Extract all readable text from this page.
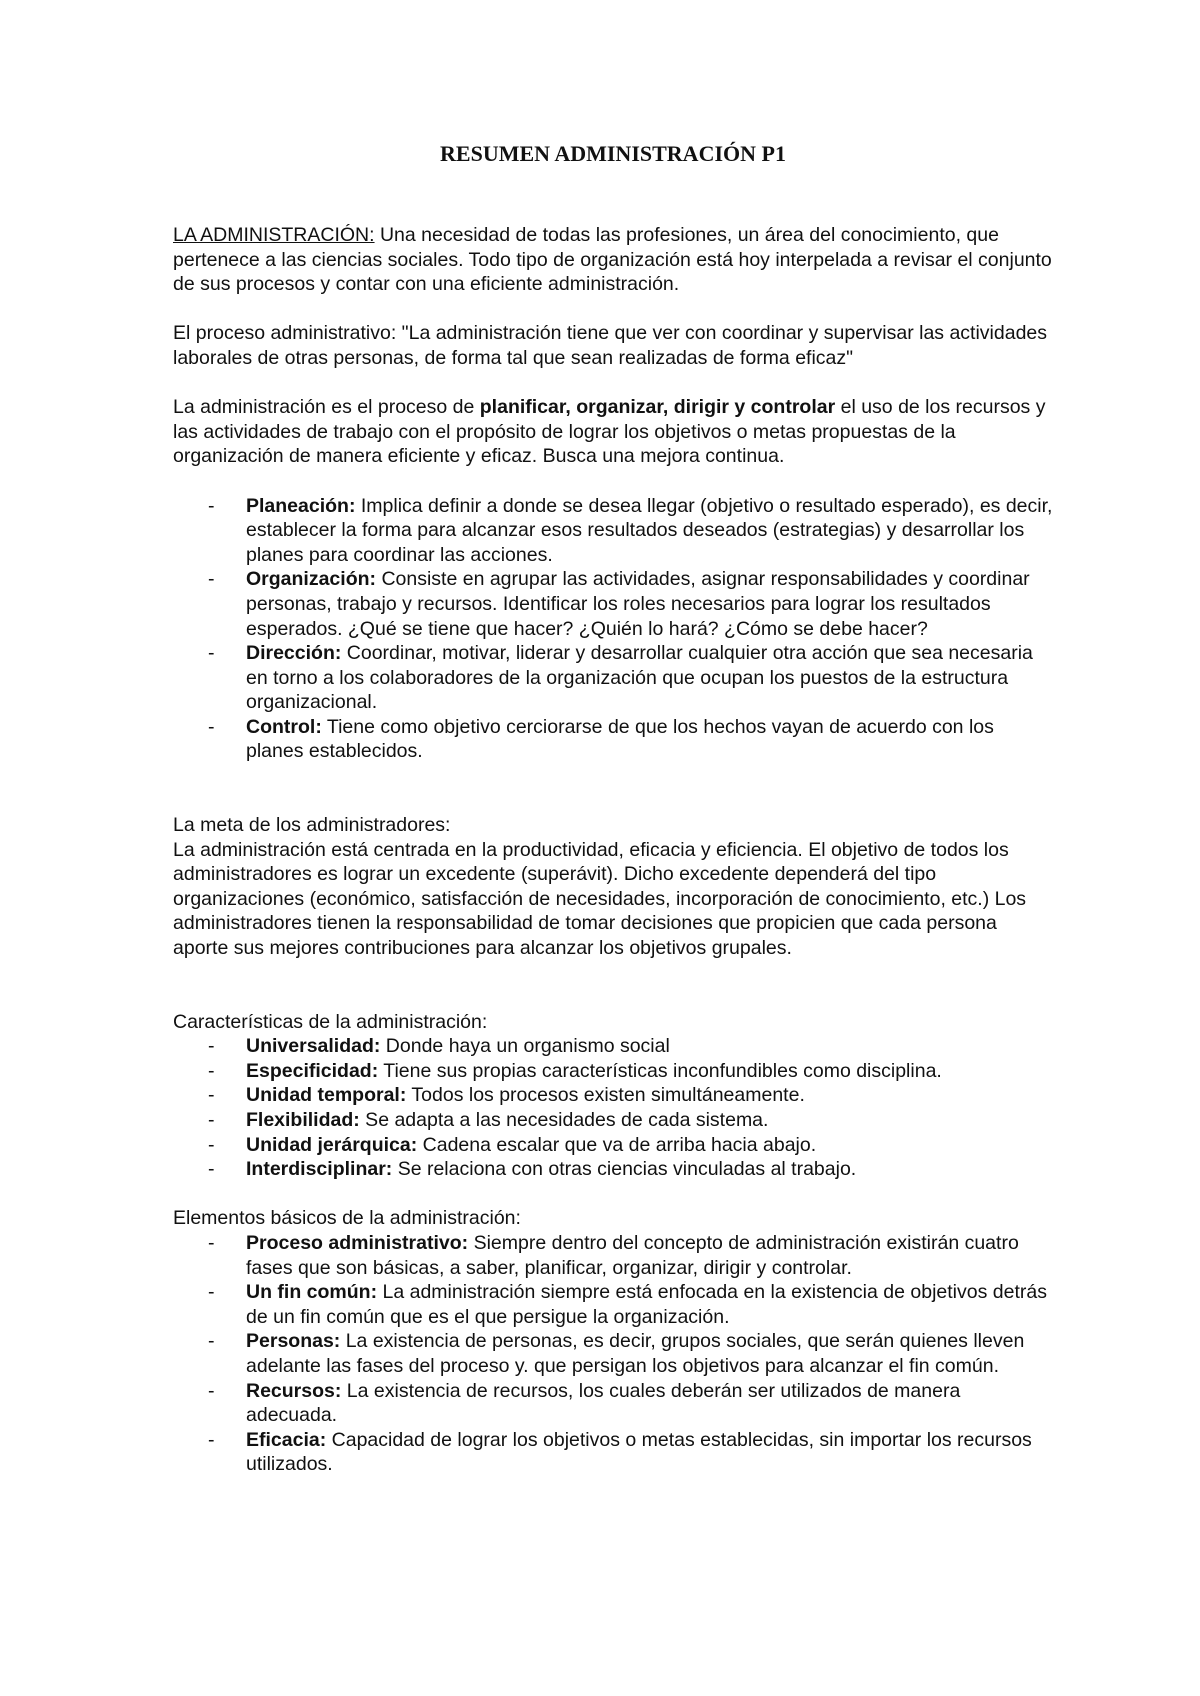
RESUMEN ADMINISTRACIÓN P1

LA ADMINISTRACIÓN: Una necesidad de todas las profesiones, un área del conocimiento, que pertenece a las ciencias sociales. Todo tipo de organización está hoy interpelada a revisar el conjunto de sus procesos y contar con una eficiente administración.

El proceso administrativo: "La administración tiene que ver con coordinar y supervisar las actividades laborales de otras personas, de forma tal que sean realizadas de forma eficaz"

La administración es el proceso de planificar, organizar, dirigir y controlar el uso de los recursos y las actividades de trabajo con el propósito de lograr los objetivos o metas propuestas de la organización de manera eficiente y eficaz. Busca una mejora continua.

- Planeación: Implica definir a donde se desea llegar (objetivo o resultado esperado), es decir, establecer la forma para alcanzar esos resultados deseados (estrategias) y desarrollar los planes para coordinar las acciones.
- Organización: Consiste en agrupar las actividades, asignar responsabilidades y coordinar personas, trabajo y recursos. Identificar los roles necesarios para lograr los resultados esperados. ¿Qué se tiene que hacer? ¿Quién lo hará? ¿Cómo se debe hacer?
- Dirección: Coordinar, motivar, liderar y desarrollar cualquier otra acción que sea necesaria en torno a los colaboradores de la organización que ocupan los puestos de la estructura organizacional.
- Control: Tiene como objetivo cerciorarse de que los hechos vayan de acuerdo con los planes establecidos.

La meta de los administradores:

La administración está centrada en la productividad, eficacia y eficiencia. El objetivo de todos los administradores es lograr un excedente (superávit). Dicho excedente dependerá del tipo organizaciones (económico, satisfacción de necesidades, incorporación de conocimiento, etc.) Los administradores tienen la responsabilidad de tomar decisiones que propicien que cada persona aporte sus mejores contribuciones para alcanzar los objetivos grupales.

Características de la administración:

- Universalidad: Donde haya un organismo social
- Especificidad: Tiene sus propias características inconfundibles como disciplina.
- Unidad temporal: Todos los procesos existen simultáneamente.
- Flexibilidad: Se adapta a las necesidades de cada sistema.
- Unidad jerárquica: Cadena escalar que va de arriba hacia abajo.
- Interdisciplinar: Se relaciona con otras ciencias vinculadas al trabajo.

Elementos básicos de la administración:

- Proceso administrativo: Siempre dentro del concepto de administración existirán cuatro fases que son básicas, a saber, planificar, organizar, dirigir y controlar.
- Un fin común: La administración siempre está enfocada en la existencia de objetivos detrás de un fin común que es el que persigue la organización.
- Personas: La existencia de personas, es decir, grupos sociales, que serán quienes lleven adelante las fases del proceso y. que persigan los objetivos para alcanzar el fin común.
- Recursos: La existencia de recursos, los cuales deberán ser utilizados de manera adecuada.
- Eficacia: Capacidad de lograr los objetivos o metas establecidas, sin importar los recursos utilizados.
